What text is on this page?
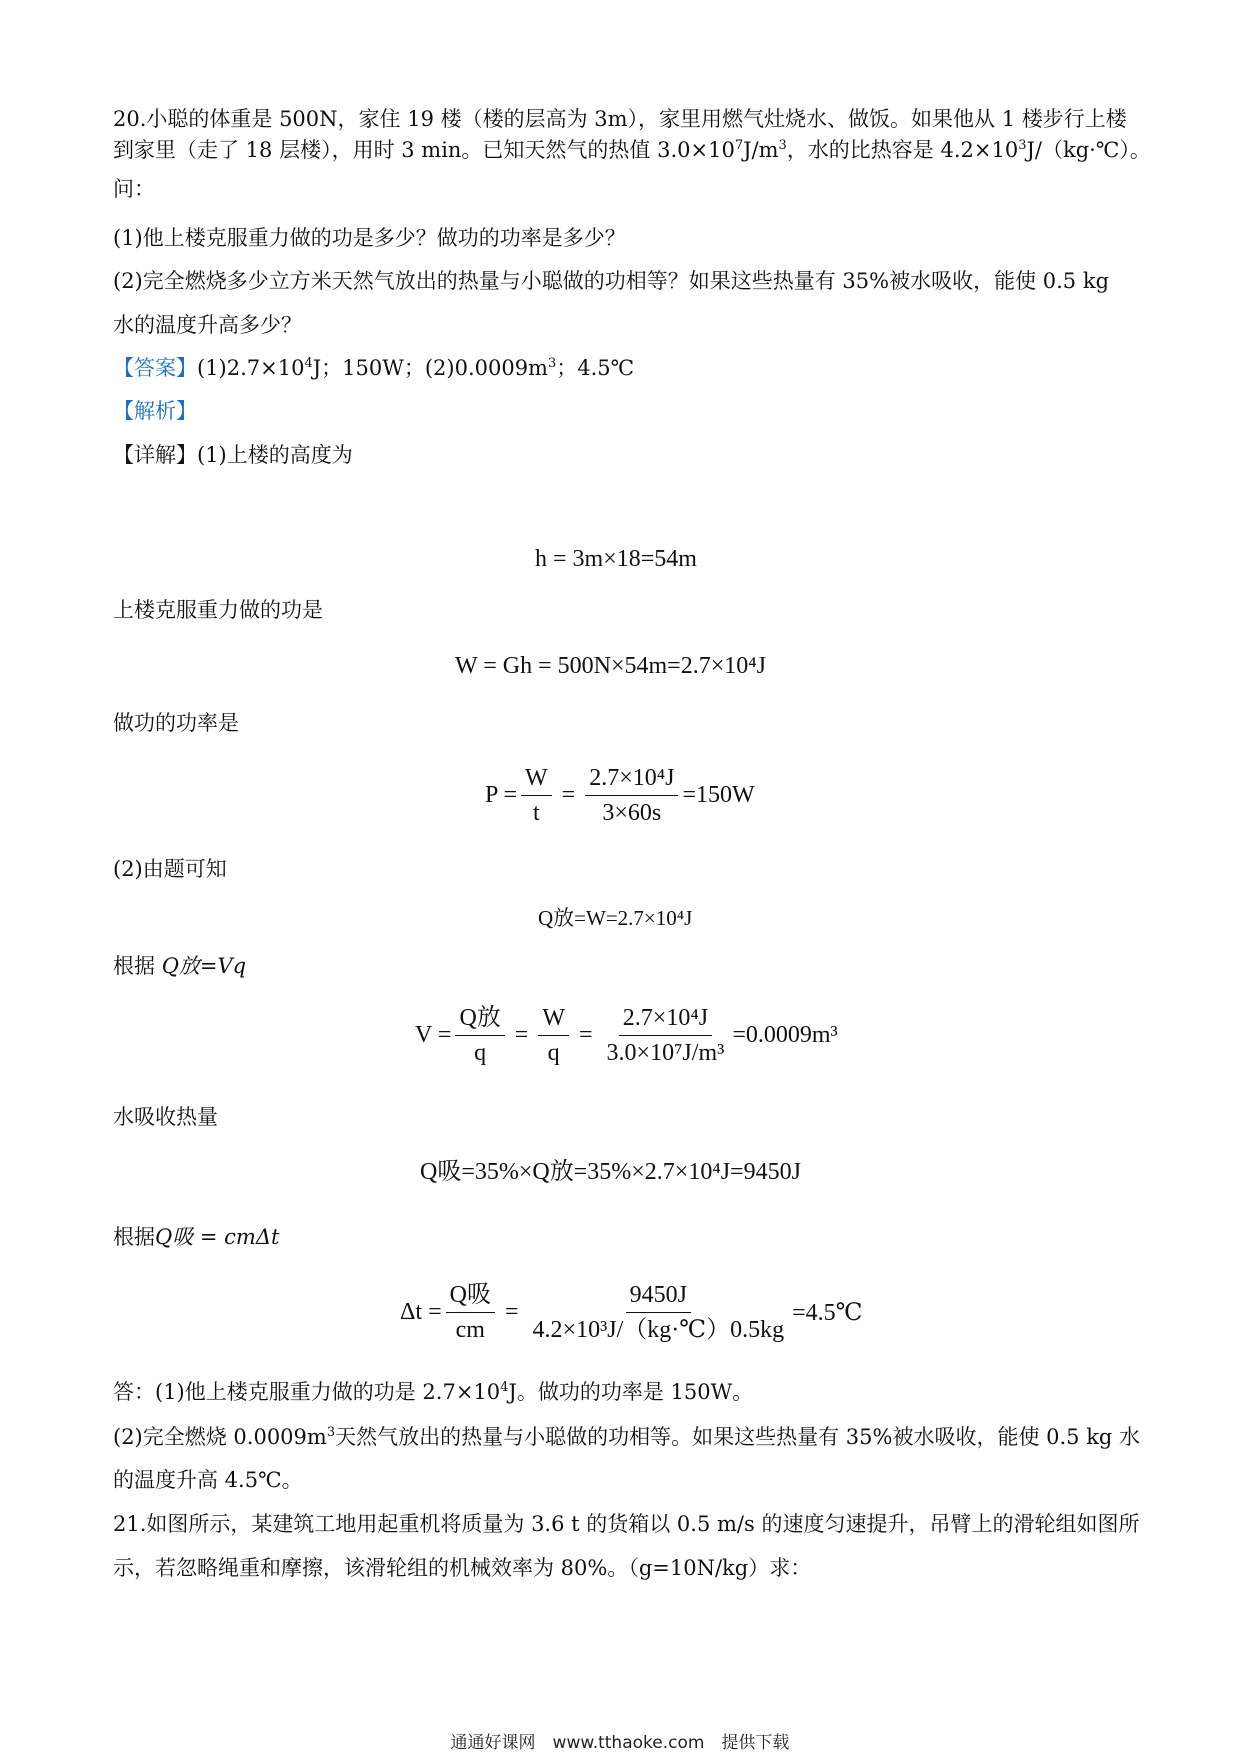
20.小聪的体重是 500N，家住 19 楼（楼的层高为 3m），家里用燃气灶烧水、做饭。如果他从 1 楼步行上楼
到家里（走了 18 层楼），用时 3 min。已知天然气的热值 $3.0\times 10^7J/m^3$，水的比热容是 $4.2\times 10^3J/(kg\cdot℃)$。
问：
(1)他上楼克服重力做的功是多少？做功的功率是多少？
(2)完全燃烧多少立方米天然气放出的热量与小聪做的功相等？如果这些热量有 35%被水吸收，能使 0.5 kg
水的温度升高多少？
【答案】$(1)2.7\times 10^4J$；150W；$(2)0.0009m^3$；4.5℃
【解析】
【详解】(1)上楼的高度为
h = 3m×18=54m
上楼克服重力做的功是
W = Gh = 500N×54m=2.7×10⁴J
做功的功率是
$P = \frac{W}{t} = \frac{\text{2.7×10⁴J}}{3\times 60s} =150W$
(2)由题可知
Q放=W=2.7×10⁴J
根据 Q放=Vq
$V = \frac{\text{Q放}}{q} = \frac{W}{q} = \frac{\text{2.7×10⁴J}}{\text{3.0×10⁷J/m³}} =0.0009m^3$
水吸收热量
Q吸=35%×Q放=35%×2.7×10⁴J=9450J
根据Q吸 = cmΔt
$\Delta t = \frac{\text{Q吸}}{cm} = \frac{9450J}{\text{4.2×10³J/（kg·℃）0.5kg}}$ =4.5℃
答：(1)他上楼克服重力做的功是 $2.7\times 10^4J$。做功的功率是 150W。
(2)完全燃烧 $0.0009m^3$天然气放出的热量与小聪做的功相等。如果这些热量有 35%被水吸收，能使 0.5 kg 水
的温度升高 4.5℃。
21.如图所示，某建筑工地用起重机将质量为 3.6 t 的货箱以 0.5 m/s 的速度匀速提升，吊臂上的滑轮组如图所
示，若忽略绳重和摩擦，该滑轮组的机械效率为 80%。（g=10N/kg）求：
通通好课网　www.tthaoke.com　提供下载
